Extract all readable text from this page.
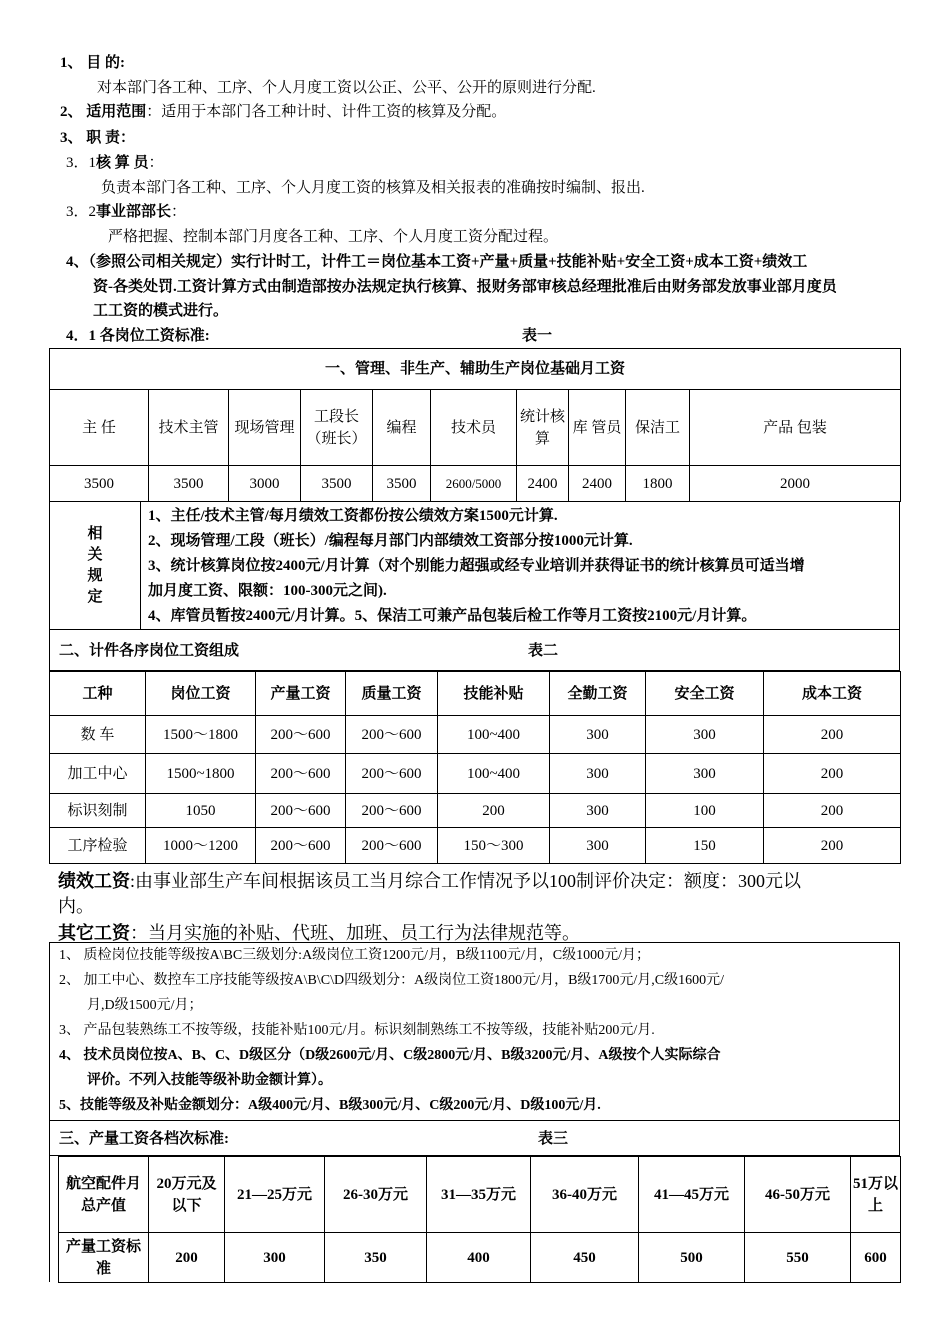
1、 目 的:
对本部门各工种、工序、个人月度工资以公正、公平、公开的原则进行分配.
2、 适用范围：适用于本部门各工种计时、计件工资的核算及分配。
3、 职 责：
3．1核 算 员：
负责本部门各工种、工序、个人月度工资的核算及相关报表的准确按时编制、报出.
3．2事业部部长：
严格把握、控制本部门月度各工种、工序、个人月度工资分配过程。
4、（参照公司相关规定）实行计时工，计件工＝岗位基本工资+产量+质量+技能补贴+安全工资+成本工资+绩效工
资-各类处罚.工资计算方式由制造部按办法规定执行核算、报财务部审核总经理批准后由财务部发放事业部月度员
工工资的模式进行。
4．1 各岗位工资标准:	表一
一、管理、非生产、辅助生产岗位基础月工资									
主 任	技术主管	现场管理	工段长（班长）	编程	技术员	统计核算	库 管员	保洁工	产品 包装
3500	3500	3000	3500	3500	2600/5000	2400	2400	1800	2000
相关规定

1、主任/技术主管/每月绩效工资都份按公绩效方案1500元计算.

2、现场管理/工段（班长）/编程每月部门内部绩效工资部分按1000元计算.

3、统计核算岗位按2400元/月计算（对个别能力超强或经专业培训并获得证书的统计核算员可适当增

加月度工资、限额：100-300元之间).

4、库管员暂按2400元/月计算。5、保洁工可兼产品包装后检工作等月工资按2100元/月计算。

二、计件各序岗位工资组成	表二
工种	岗位工资	产量工资	质量工资	技能补贴	全勤工资	安全工资	成本工资
数 车	1500～1800	200～600	200～600	100~400	300	300	200
加工中心	1500~1800	200～600	200～600	100~400	300	300	200
标识刻制	1050	200～600	200～600	200	300	100	200
工序检验	1000～1200	200～600	200～600	150～300	300	150	200
绩效工资:由事业部生产车间根据该员工当月综合工作情况予以100制评价决定：额度：300元以
内。
其它工资：当月实施的补贴、代班、加班、员工行为法律规范等。

1、 质检岗位技能等级按A\BC三级划分:A级岗位工资1200元/月，B级1100元/月，C级1000元/月；

2、 加工中心、数控车工序技能等级按A\B\C\D四级划分：A级岗位工资1800元/月，B级1700元/月,C级1600元/

月,D级1500元/月；

3、 产品包装熟练工不按等级，技能补贴100元/月。标识刻制熟练工不按等级，技能补贴200元/月.

4、 技术员岗位按A、B、C、D级区分（D级2600元/月、C级2800元/月、B级3200元/月、A级按个人实际综合

评价。不列入技能等级补助金额计算）。

5、技能等级及补贴金额划分：A级400元/月、B级300元/月、C级200元/月、D级100元/月.

三、产量工资各档次标准:	表三
航空配件月总产值	20万元及以下	21—25万元	26-30万元	31—35万元	36-40万元	41—45万元	46-50万元	51万以上
产量工资标 准	200	300	350	400	450	500	550	600
